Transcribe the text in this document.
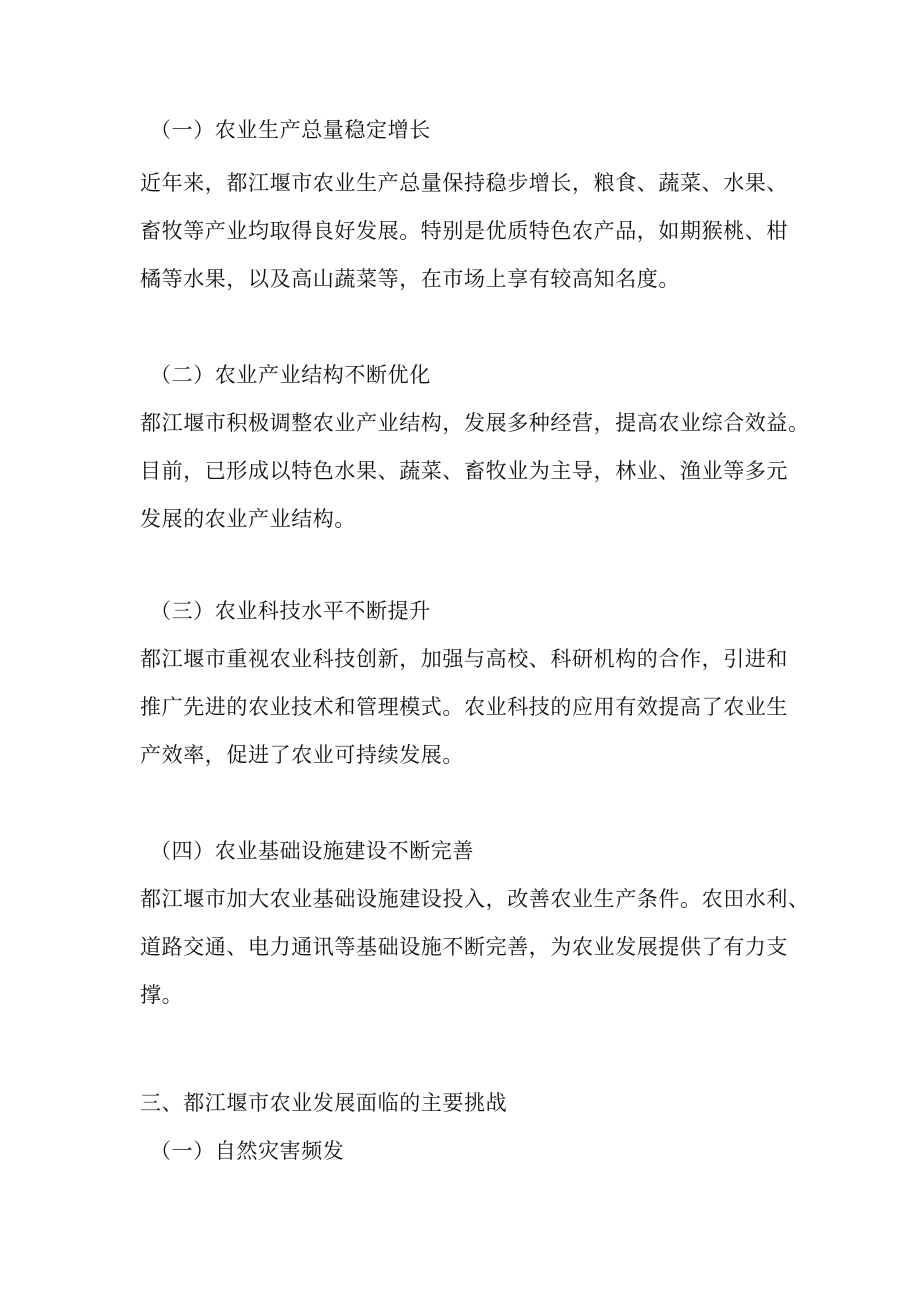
（一）农业生产总量稳定增长
近年来，都江堰市农业生产总量保持稳步增长，粮食、蔬菜、水果、
畜牧等产业均取得良好发展。特别是优质特色农产品，如期猴桃、柑
橘等水果，以及高山蔬菜等，在市场上享有较高知名度。
（二）农业产业结构不断优化
都江堰市积极调整农业产业结构，发展多种经营，提高农业综合效益。
目前，已形成以特色水果、蔬菜、畜牧业为主导，林业、渔业等多元
发展的农业产业结构。
（三）农业科技水平不断提升
都江堰市重视农业科技创新，加强与高校、科研机构的合作，引进和
推广先进的农业技术和管理模式。农业科技的应用有效提高了农业生
产效率，促进了农业可持续发展。
（四）农业基础设施建设不断完善
都江堰市加大农业基础设施建设投入，改善农业生产条件。农田水利、
道路交通、电力通讯等基础设施不断完善，为农业发展提供了有力支
撑。
三、都江堰市农业发展面临的主要挑战
（一）自然灾害频发
